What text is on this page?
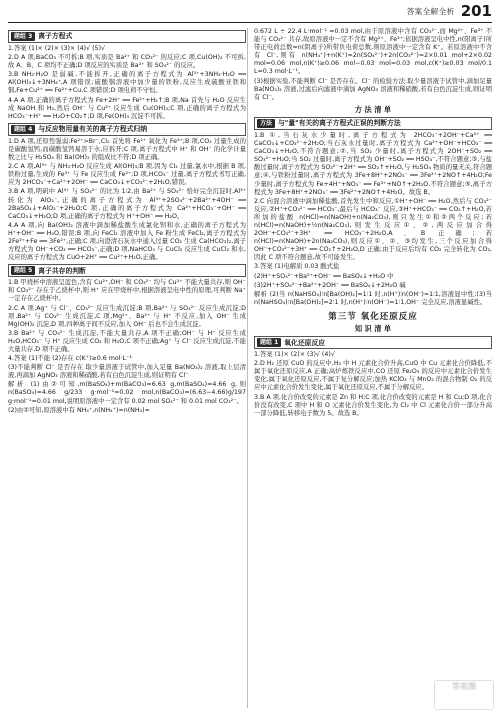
答案全解全析 201
题组 3 离子方程式
1.答案 (1)× (2)× (3)× (4)√ (5)√
2.D A 项,BaCO₃ 不可拆;B 项,实质是 Ba²⁺ 和 CO₃²⁻ 的反应;C 项,Cu(OH)₂ 不可拆,故 A、B、C 项均不正确;D 项反应的实质是 Ba²⁺ 和 SO₄²⁻ 的反应。
3.B NH₃·H₂O 是弱碱,不能拆开,正确的离子方程式为 Al³⁺+3NH₃·H₂O ══ Al(OH)₃↓+3NH₄⁺,A 项错误;硫酸铜溶液中加少量的铁粉,反应生成硫酸亚铁和铜,Fe+Cu²⁺ ══ Fe²⁺+Cu,C 项错误;D 项电荷不守恒。
4.A A 项,正确的离子方程式为 Fe+2H⁺ ══ Fe²⁺+H₂↑;B 项,Na 首先与 H₂O 反应生成 NaOH 和 H₂,然后 OH⁻ 与 Cu²⁺ 反应生成 Cu(OH)₂;C 项,正确的离子方程式为 HCO₃⁻+H⁺ ══ H₂O+CO₂↑;D 项,Fe(OH)₃ 沉淀不可拆。
题组 4 与反应物用量有关的离子方程式归纳
1.D A 项,还原性强弱:Fe²⁺>Br⁻,Cl₂ 首先将 Fe²⁺ 氧化为 Fe³⁺;B 项,CO₂ 过量生成的是碳酸氢钙,而碳酸氢钙易溶于水,应拆开;C 项,离子方程式中 H⁺ 和 OH⁻ 的化学计量数之比与 H₂SO₄ 和 Ba(OH)₂ 的组成比不符;D 项正确。
2.C A 项,Al³⁺ 与 NH₃·H₂O 反应生成 Al(OH)₃;B 项,因为 Cl₂ 过量,氯水中,根据 B 项,铁粉过量,生成的 Fe³⁺ 与 Fe 反应生成 Fe²⁺;D 项,HCO₃⁻ 过量,离子方程式书写正确,应为 2HCO₃⁻+Ca²⁺+2OH⁻ ══ CaCO₃↓+CO₃²⁻+2H₂O,错误。
3.B A 项,明矾中 Al³⁺ 与 SO₄²⁻ 的比为 1∶2,由 Ba²⁺ 与 SO₄²⁻ 恰好完全沉淀时,Al³⁺ 转化为 AlO₂⁻,正确的离子方程式为 Al³⁺+2SO₄²⁻+2Ba²⁺+4OH⁻ ══ 2BaSO₄↓+AlO₂⁻+2H₂O;C 项,正确的离子方程式为 Ca²⁺+HCO₃⁻+OH⁻ ══ CaCO₃↓+H₂O;D 项,正确的离子方程式为 H⁺+OH⁻ ══ H₂O。
4.A A 项,向 Ba(OH)₂ 溶液中滴加稀盐酸生成氯化钡和水,正确的离子方程式为 H⁺+OH⁻ ══ H₂O,错误;B 项,向 FeCl₂ 溶液中加入 Fe 粉生成 FeCl₂,离子方程式为 2Fe³⁺+Fe ══ 3Fe²⁺,正确;C 项,向澄清石灰水中通入过量 CO₂ 生成 Ca(HCO₃)₂,离子方程式为 OH⁻+CO₂ ══ HCO₃⁻,正确;D 项,NaHCO₃ 与 CuCl₂ 反应生成 CuCl₂ 和水,反应的离子方程式为 CuO+2H⁺ ══ Cu²⁺+H₂O,正确。
题组 5 离子共存的判断
1.B 甲烧杯中溶液呈蓝色,含有 Cu²⁺,OH⁻ 和 CO₃²⁻ 均与 Cu²⁺ 不能大量共存,则 OH⁻ 和 CO₃²⁻ 存在于乙烧杯中,则 H⁺ 应在甲烧杯中,根据溶液呈电中性的原理,可判断 Na⁺ 一定存在乙烧杯中。
2.C A 项,Ag⁺ 与 Cl⁻、CO₃²⁻ 反应生成沉淀;B 项,Ba²⁺ 与 SO₄²⁻ 反应生成沉淀;D 项,Ba²⁺ 与 CO₃²⁻ 生成沉淀,C 项,Mg²⁺、Ba²⁺ 与 H⁺ 不反应,加入 OH⁻ 生成 Mg(OH)₂ 沉淀,D 项,四种离子间不反应,加入 OH⁻ 后也不会生成沉淀。
3.B Ba²⁺ 与 CO₃²⁻ 生成沉淀,不能大量共存,A 项不正确;OH⁻ 与 H⁺ 反应生成 H₂O,HCO₃⁻ 与 H⁺ 反应生成 CO₂ 和 H₂O,C 项不正确;Ag⁺ 与 Cl⁻ 反应生成沉淀,不能大量共存,D 项不正确。
4.答案 (1)不能 (2)存在 c(K⁺)≥0.6 mol·L⁻¹
(3)不能判断 Cl⁻ 是否存在 取少量溶液于试管中,加入足量 Ba(NO₃)₂ 溶液,取上层清液,再滴加 AgNO₃ 溶液和稀硝酸,若有白色沉淀生成,则证明有 Cl⁻
解析 (1)由②可知,m(BaSO₄)+m(BaCO₃)=6.63 g,m(BaSO₄)=4.66 g,则 n(BaSO₄)=4.66 g/233 g·mol⁻¹=0.02 mol,n(BaCO₃)=(6.63−4.66)g/197 g·mol⁻¹=0.01 mol,说明原溶液中一定含有 0.02 mol SO₄²⁻ 和 0.01 mol CO₃²⁻。
(2)由②可知,原溶液中有 NH₄⁺,n(NH₄⁺)=n(NH₃)=
0.672 L ÷ 22.4 L·mol⁻¹ =0.03 mol,由于原溶液中含有 CO₃²⁻,而 Mg²⁺、Fe³⁺ 不能与 CO₃²⁻ 共存,故原溶液中一定不含有 Mg²⁺、Fe³⁺;依据溶液呈电中性,n(阳离子)所带正电荷总数=n(阴离子)所带负电荷总数,则原溶液中一定含有 K⁺。若原溶液中不含有 Cl⁻,则有 n(NH₄⁺)+n(K⁺)=2n(SO₄²⁻)+2n(CO₃²⁻)=2×0.01 mol+2×0.02 mol=0.06 mol,n(K⁺)≥0.06 mol−0.03 mol=0.03 mol,c(K⁺)≥0.03 mol/0.1 L=0.3 mol·L⁻¹。
(3)根据实验,不能判断 Cl⁻ 是否存在。Cl⁻ 的检验方法:取少量溶液于试管中,滴加足量 Ba(NO₃)₂ 溶液,过滤后向滤液中滴加 AgNO₃ 溶液和稀硝酸,若有白色沉淀生成,则证明有 Cl⁻。
方 法 清 单
方法 与"量"有关的离子方程式正误的判断方法
1.B ①,当石灰水少量时,离子方程式为 2HCO₃⁻+2OH⁻+Ca²⁺ ══ CaCO₃↓+CO₃²⁻+2H₂O;当石灰水过量时,离子方程式为 Ca²⁺+OH⁻+HCO₃⁻ ══ CaCO₃↓+H₂O,不符合题意;②,当 SO₂ 少量时,离子方程式为 2OH⁻+SO₂ ══ SO₃²⁻+H₂O;当 SO₂ 过量时,离子方程式为 OH⁻+SO₂ ══ HSO₃⁻,不符合题意;③,与盐酸过量时,离子方程式为 SO₃²⁻+2H⁺ ══ SO₂↑+H₂O,与 H₂SO₄ 物质的量无关,符合题意;④,与铁粉过量时,离子方程式为 3Fe+8H⁺+2NO₃⁻ ══ 3Fe²⁺+2NO↑+4H₂O;Fe 少量时,离子方程式为 Fe+4H⁺+NO₃⁻ ══ Fe³⁺+NO↑+2H₂O,不符合题意;⑤,离子方程式为 3Fe+8H⁺+2NO₃⁻ ══ 3Fe²⁺+2NO↑+4H₂O。故选 B。
2.C 向混合溶液中滴加稀盐酸,首先发生中和反应,①H⁺+OH⁻ ══ H₂O,然后与 CO₃²⁻ 反应,②H⁺+CO₃²⁻ ══ HCO₃⁻,最后与 HCO₃⁻ 反应,③H⁺+HCO₃⁻ ══ CO₂↑+H₂O,若所加的盐酸 n(HCl)=n(NaOH)+n(Na₂CO₃),则只发生①和②两个反应;若 n(HCl)=n(NaOH)+½n(Na₂CO₃),则发生反应①、②,两反应加合得 2OH⁻+CO₃²⁻+3H⁺ ══ HCO₃⁻+2H₂O,A、B 正确;若 n(HCl)=n(NaOH)+2n(Na₂CO₃),则反应①、②、③均发生,三个反应加合得 OH⁻+CO₃²⁻+3H⁺ ══ CO₂↑+2H₂O,D 正确;由于反应后均有 CO₂ 完全转化为 CO₂,因此 C 项不符合题意,故不可能发生。
3.答案 (1)电解质 0.03 酸式盐
(2)H⁺+SO₄²⁻+Ba²⁺+OH⁻ ══ BaSO₄↓+H₂O 中
(3)2H⁺+SO₄²⁻+Ba²⁺+2OH⁻ ══ BaSO₄↓+2H₂O 碱
解析 (2)当 n(NaHSO₄)∶n[Ba(OH)₂]=1∶1 时,n(H⁺)∶n(OH⁻)=1∶1,溶液显中性;(3)当 n(NaHSO₄)∶n[Ba(OH)₂]=2∶1 时,n(H⁺)∶n(OH⁻)=1∶1,OH⁻ 完全反应,溶液显碱性。
第三节 氧化还原反应
知 识 清 单
题组 1 氧化还原反应
1.答案 (1)× (2)× (3)√ (4)√
2.D H₂ 还原 CuO 的反应中,H₂ 中 H 元素化合价升高,CuO 中 Cu 元素化合价降低,不属于氧化还原反应,A 正确;高炉炼铁反应中,CO 还原 Fe₂O₃ 的反应中元素化合价发生变化,属于氧化还原反应,不属于复分解反应;加热 KClO₃ 与 MnO₂ 的混合物制 O₂ 的反应中元素化合价发生变化,属于氧化还原反应,不属于分解反应。
3.B A 项,化合价改变的元素是 Zn 和 H;C 项,化合价改变的元素是 H 和 Cu;D 项,化合价没有改变,C 项中 H 和 O 元素化合价发生变化,为 Cl₂ 中 Cl 元素化合价一部分升高一部分降低,转移电子数为 5。故选 B。
答案圈
